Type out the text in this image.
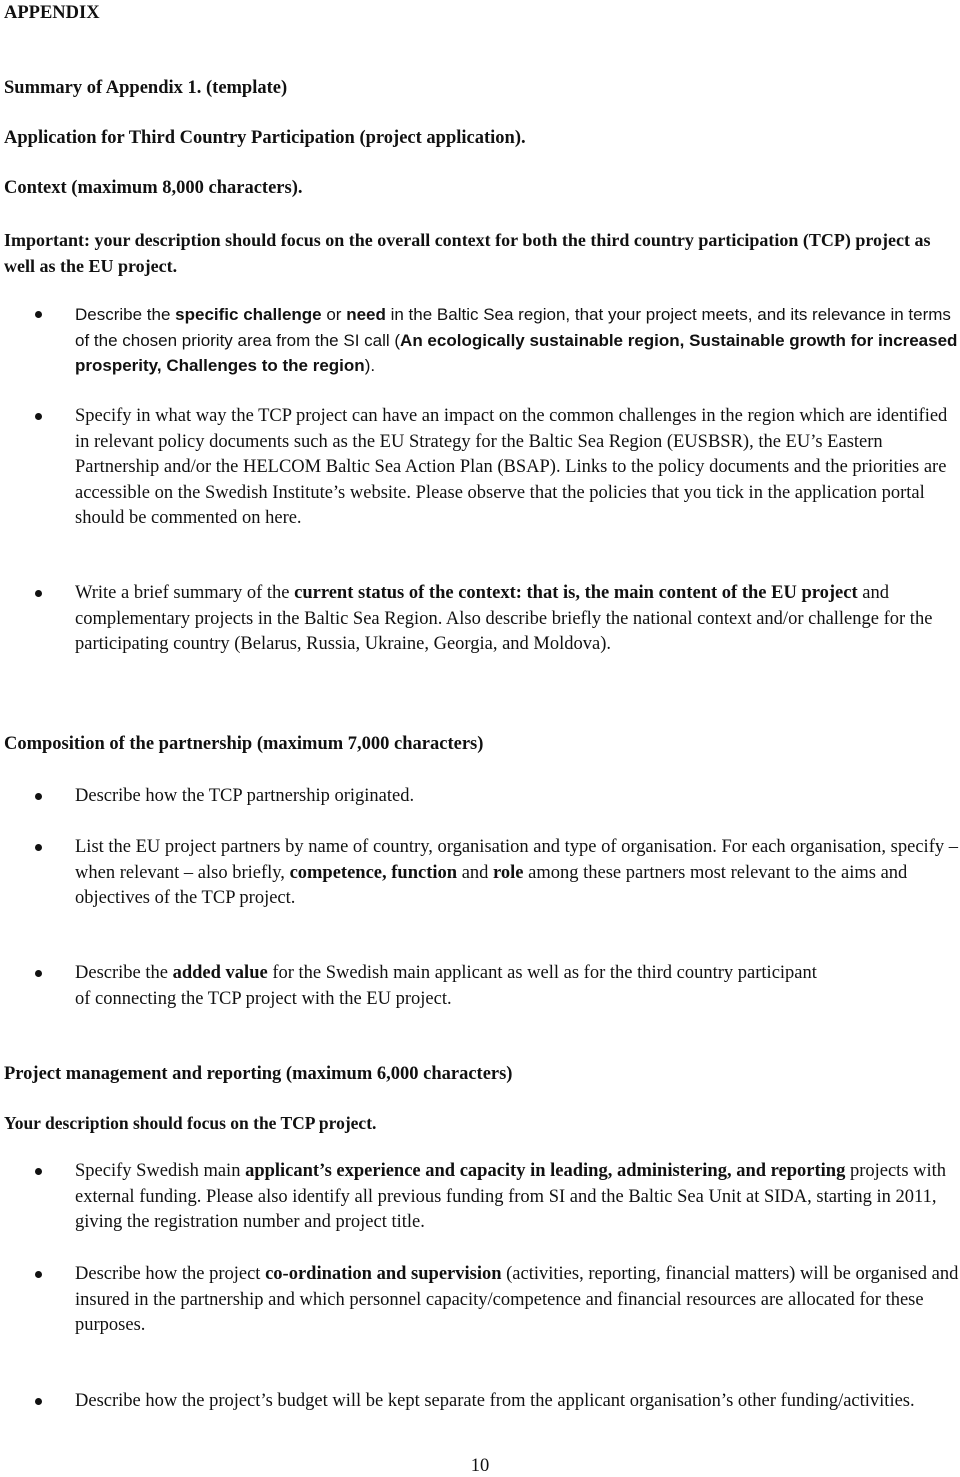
APPENDIX
Summary of Appendix 1. (template)
Application for Third Country Participation (project application).
Context (maximum 8,000 characters).
Important: your description should focus on the overall context for both the third country participation (TCP) project as well as the EU project.
Describe the specific challenge or need in the Baltic Sea region, that your project meets, and its relevance in terms of the chosen priority area from the SI call (An ecologically sustainable region, Sustainable growth for increased prosperity, Challenges to the region).
Specify in what way the TCP project can have an impact on the common challenges in the region which are identified in relevant policy documents such as the EU Strategy for the Baltic Sea Region (EUSBSR), the EU’s Eastern Partnership and/or the HELCOM Baltic Sea Action Plan (BSAP). Links to the policy documents and the priorities are accessible on the Swedish Institute’s website. Please observe that the policies that you tick in the application portal should be commented on here.
Write a brief summary of the current status of the context: that is, the main content of the EU project and complementary projects in the Baltic Sea Region. Also describe briefly the national context and/or challenge for the participating country (Belarus, Russia, Ukraine, Georgia, and Moldova).
Composition of the partnership (maximum 7,000 characters)
Describe how the TCP partnership originated.
List the EU project partners by name of country, organisation and type of organisation. For each organisation, specify – when relevant – also briefly, competence, function and role among these partners most relevant to the aims and objectives of the TCP project.
Describe the added value for the Swedish main applicant as well as for the third country participant
of connecting the TCP project with the EU project.
Project management and reporting (maximum 6,000 characters)
Your description should focus on the TCP project.
Specify Swedish main applicant’s experience and capacity in leading, administering, and reporting projects with external funding. Please also identify all previous funding from SI and the Baltic Sea Unit at SIDA, starting in 2011, giving the registration number and project title.
Describe how the project co-ordination and supervision (activities, reporting, financial matters) will be organised and insured in the partnership and which personnel capacity/competence and financial resources are allocated for these purposes.
Describe how the project’s budget will be kept separate from the applicant organisation’s other funding/activities.
10
